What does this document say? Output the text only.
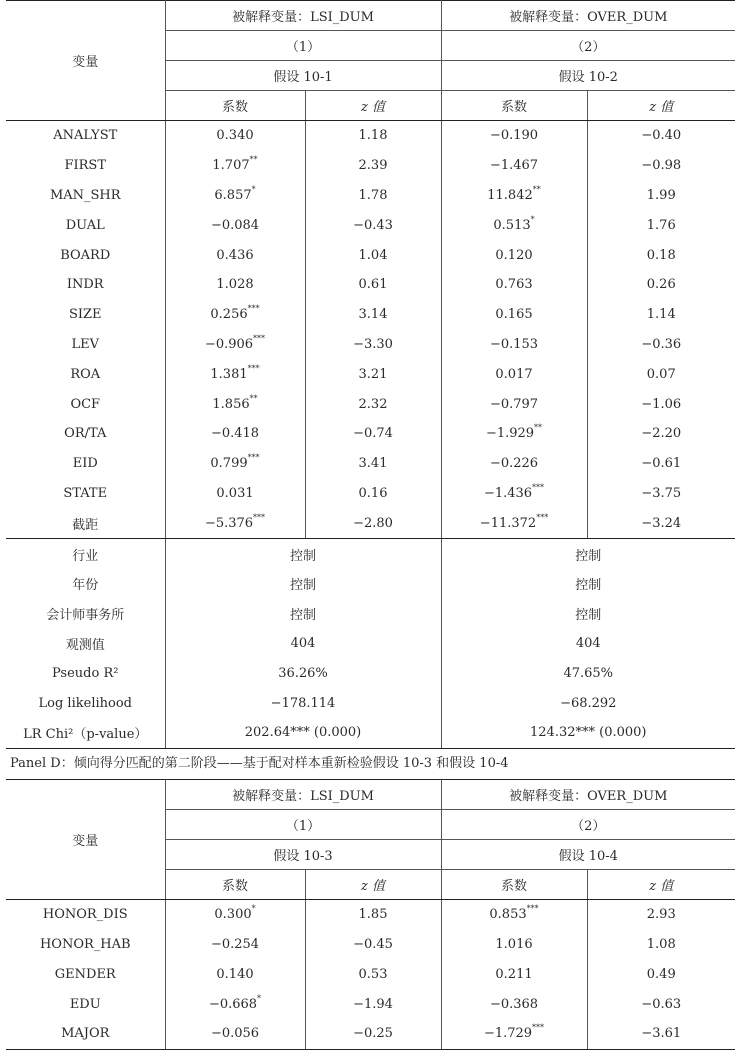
变量	被解释变量：LSI_DUM		被解释变量：OVER_DUM	
	（1）		（2）	
	假设 10-1		假设 10-2	
	系数	z 值	系数	z 值
ANALYST	0.340	1.18	−0.190	−0.40
FIRST	1.707**	2.39	−1.467	−0.98
MAN_SHR	6.857*	1.78	11.842**	1.99
DUAL	−0.084	−0.43	0.513*	1.76
BOARD	0.436	1.04	0.120	0.18
INDR	1.028	0.61	0.763	0.26
SIZE	0.256***	3.14	0.165	1.14
LEV	−0.906***	−3.30	−0.153	−0.36
ROA	1.381***	3.21	0.017	0.07
OCF	1.856**	2.32	−0.797	−1.06
OR/TA	−0.418	−0.74	−1.929**	−2.20
EID	0.799***	3.41	−0.226	−0.61
STATE	0.031	0.16	−1.436***	−3.75
截距	−5.376***	−2.80	−11.372***	−3.24
行业	控制		控制	
年份	控制		控制	
会计师事务所	控制		控制	
观测值	404		404	
Pseudo R²	36.26%		47.65%	
Log likelihood	−178.114		−68.292	
LR Chi²（p-value）	202.64*** (0.000)		124.32*** (0.000)	
Panel D：倾向得分匹配的第二阶段——基于配对样本重新检验假设 10-3 和假设 10-4
变量	被解释变量：LSI_DUM		被解释变量：OVER_DUM	
	（1）		（2）	
	假设 10-3		假设 10-4	
	系数	z 值	系数	z 值
HONOR_DIS	0.300*	1.85	0.853***	2.93
HONOR_HAB	−0.254	−0.45	1.016	1.08
GENDER	0.140	0.53	0.211	0.49
EDU	−0.668*	−1.94	−0.368	−0.63
MAJOR	−0.056	−0.25	−1.729***	−3.61
